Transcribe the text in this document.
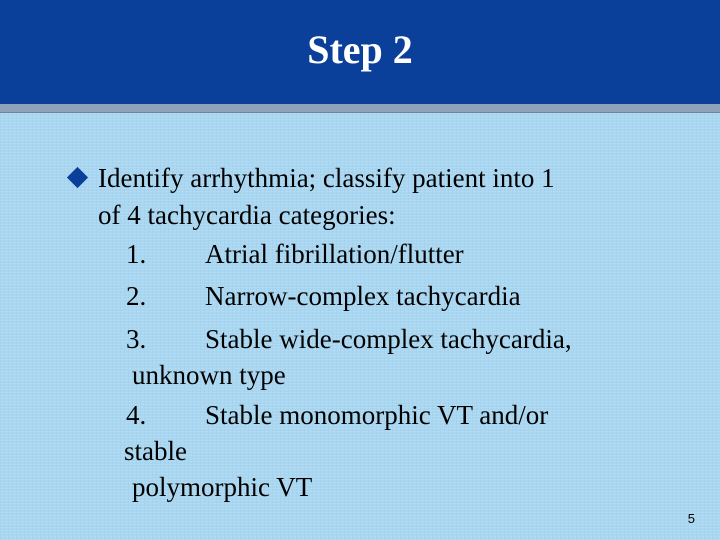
Step 2
Identify arrhythmia; classify patient into 1
of 4 tachycardia categories:
1. Atrial fibrillation/flutter
2. Narrow-complex tachycardia
3. Stable wide-complex tachycardia,
unknown type
4. Stable monomorphic VT and/or
stable
polymorphic VT
5
